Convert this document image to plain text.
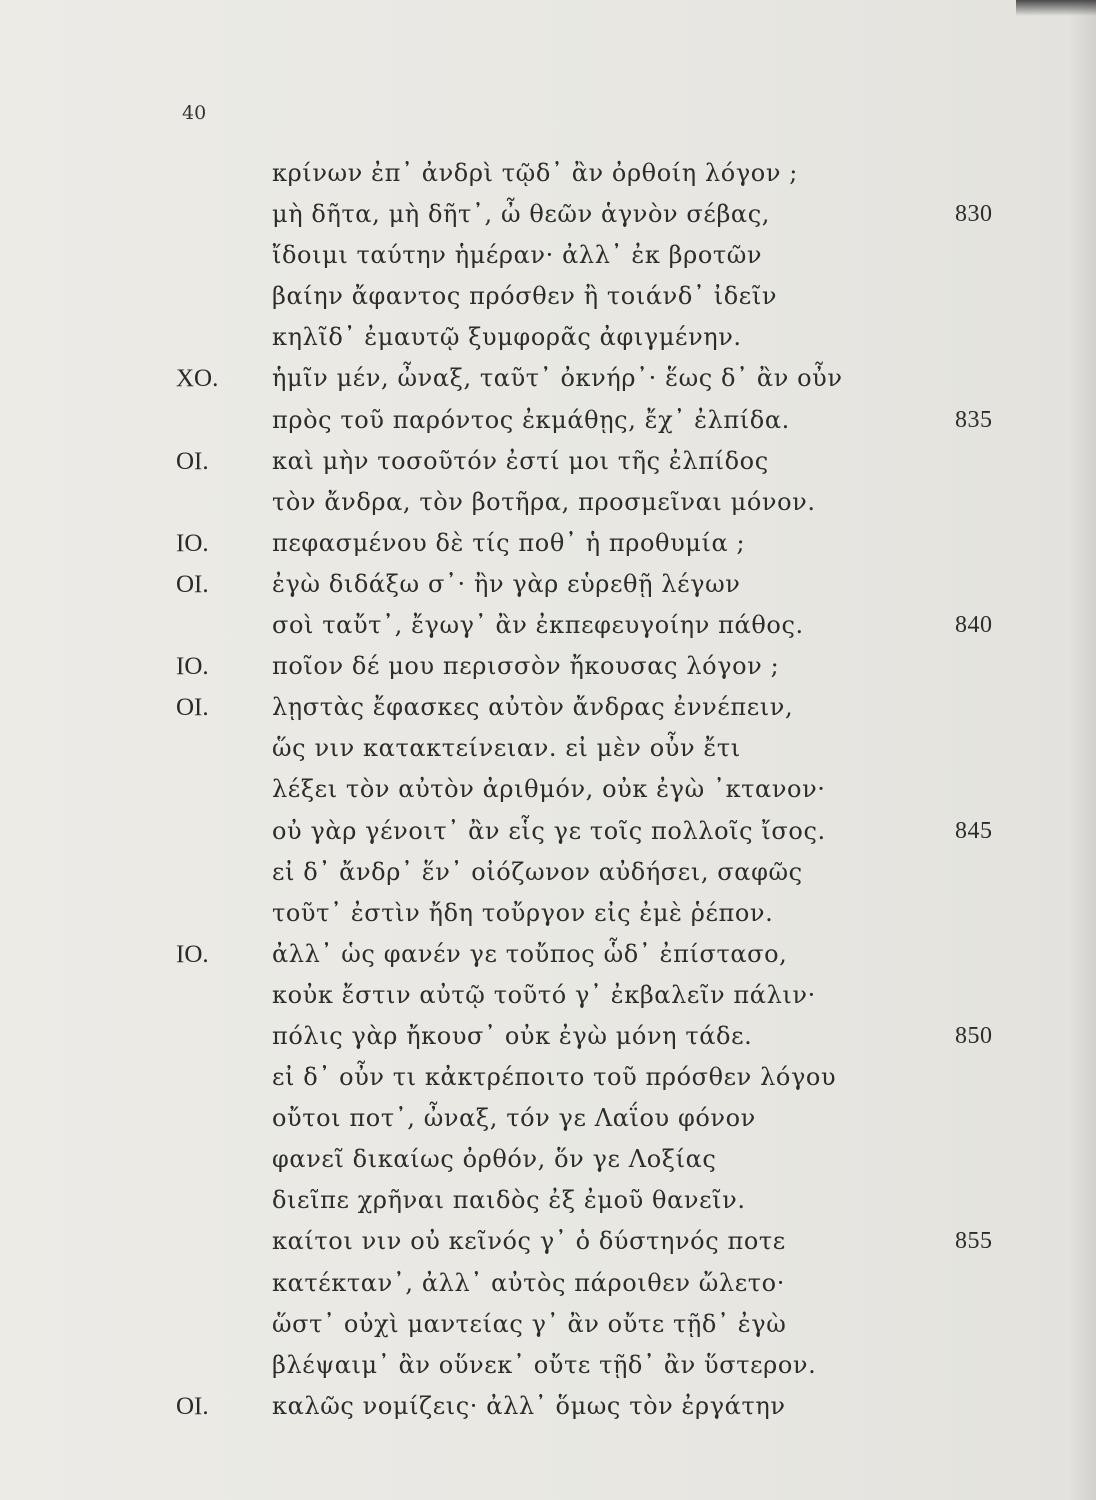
40
κρίνων ἐπ᾽ ἀνδρὶ τῷδ᾽ ἂν ὀρθοίη λόγον ;
μὴ δῆτα, μὴ δῆτ᾽, ὦ θεῶν ἁγνὸν σέβας,	830
ἴδοιμι ταύτην ἡμέραν· ἀλλ᾽ ἐκ βροτῶν
βαίην ἄφαντος πρόσθεν ἢ τοιάνδ᾽ ἰδεῖν
κηλῖδ᾽ ἐμαυτῷ ξυμφορᾶς ἀφιγμένην.
ΧΟ.	ἡμῖν μέν, ὦναξ, ταῦτ᾽ ὀκνήρ᾽· ἕως δ᾽ ἂν οὖν
πρὸς τοῦ παρόντος ἐκμάθῃς, ἔχ᾽ ἐλπίδα.	835
ΟΙ.	καὶ μὴν τοσοῦτόν ἐστί μοι τῆς ἐλπίδος
τὸν ἄνδρα, τὸν βοτῆρα, προσμεῖναι μόνον.
ΙΟ.	πεφασμένου δὲ τίς ποθ᾽ ἡ προθυμία ;
ΟΙ.	ἐγὼ διδάξω σ᾽· ἢν γὰρ εὑρεθῇ λέγων
σοὶ ταὔτ᾽, ἔγωγ᾽ ἂν ἐκπεφευγοίην πάθος.	840
ΙΟ.	ποῖον δέ μου περισσὸν ἤκουσας λόγον ;
ΟΙ.	λῃστὰς ἔφασκες αὐτὸν ἄνδρας ἐννέπειν,
ὥς νιν κατακτείνειαν. εἰ μὲν οὖν ἔτι
λέξει τὸν αὐτὸν ἀριθμόν, οὐκ ἐγὼ ᾽κτανον·
οὐ γὰρ γένοιτ᾽ ἂν εἷς γε τοῖς πολλοῖς ἴσος.	845
εἰ δ᾽ ἄνδρ᾽ ἕν᾽ οἰόζωνον αὐδήσει, σαφῶς
τοῦτ᾽ ἐστὶν ἤδη τοὔργον εἰς ἐμὲ ῥέπον.
ΙΟ.	ἀλλ᾽ ὡς φανέν γε τοὔπος ὧδ᾽ ἐπίστασο,
κοὐκ ἔστιν αὐτῷ τοῦτό γ᾽ ἐκβαλεῖν πάλιν·
πόλις γὰρ ἤκουσ᾽ οὐκ ἐγὼ μόνη τάδε.	850
εἰ δ᾽ οὖν τι κἀκτρέποιτο τοῦ πρόσθεν λόγου
οὔτοι ποτ᾽, ὦναξ, τόν γε Λαΐου φόνον
φανεῖ δικαίως ὀρθόν, ὅν γε Λοξίας
διεῖπε χρῆναι παιδὸς ἐξ ἐμοῦ θανεῖν.
καίτοι νιν οὐ κεῖνός γ᾽ ὁ δύστηνός ποτε	855
κατέκταν᾽, ἀλλ᾽ αὐτὸς πάροιθεν ὤλετο·
ὥστ᾽ οὐχὶ μαντείας γ᾽ ἂν οὔτε τῇδ᾽ ἐγὼ
βλέψαιμ᾽ ἂν οὕνεκ᾽ οὔτε τῇδ᾽ ἂν ὕστερον.
ΟΙ.	καλῶς νομίζεις· ἀλλ᾽ ὅμως τὸν ἐργάτην
